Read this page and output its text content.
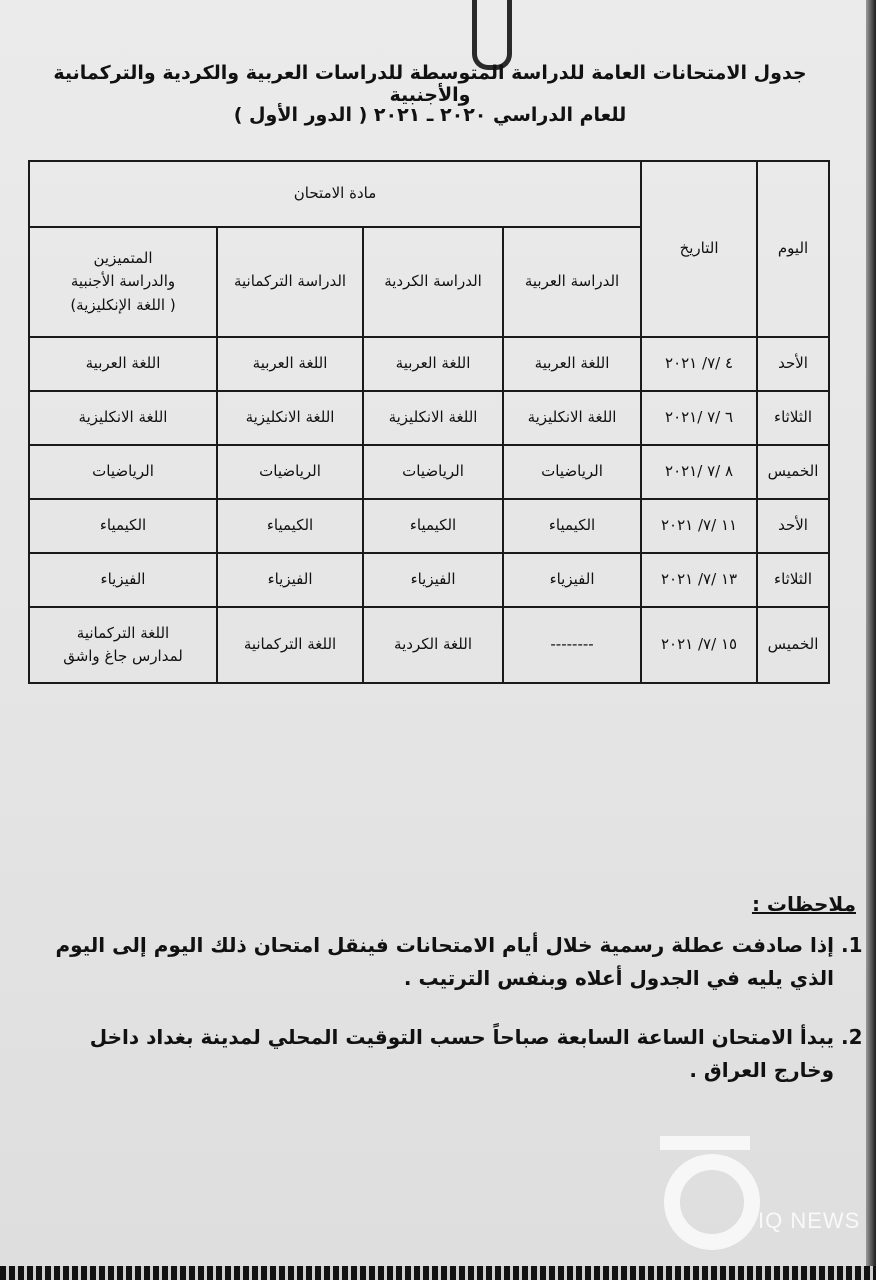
جدول الامتحانات العامة للدراسة المتوسطة للدراسات العربية والكردية والتركمانية والأجنبية
للعام الدراسي ٢٠٢٠ ـ ٢٠٢١ ( الدور الأول )
اليوم	التاريخ	مادة الامتحان			
		الدراسة العربية	الدراسة الكردية	الدراسة التركمانية	المتميزين
والدراسة الأجنبية
( اللغة الإنكليزية)
الأحد	٤ /٧/ ٢٠٢١	اللغة العربية	اللغة العربية	اللغة العربية	اللغة العربية
الثلاثاء	٦ /٧ /٢٠٢١	اللغة الانكليزية	اللغة الانكليزية	اللغة الانكليزية	اللغة الانكليزية
الخميس	٨ /٧ /٢٠٢١	الرياضيات	الرياضيات	الرياضيات	الرياضيات
الأحد	١١ /٧/ ٢٠٢١	الكيمياء	الكيمياء	الكيمياء	الكيمياء
الثلاثاء	١٣ /٧/ ٢٠٢١	الفيزياء	الفيزياء	الفيزياء	الفيزياء
الخميس	١٥ /٧/ ٢٠٢١	--------	اللغة الكردية	اللغة التركمانية	اللغة التركمانية
لمدارس جاغ واشق
ملاحظات :
1. إذا صادفت عطلة رسمية خلال أيام الامتحانات فينقل امتحان ذلك اليوم إلى اليوم الذي يليه في الجدول أعلاه وبنفس الترتيب .
2. يبدأ الامتحان الساعة السابعة صباحاً حسب التوقيت المحلي لمدينة بغداد داخل وخارج العراق .
IQ NEWS
